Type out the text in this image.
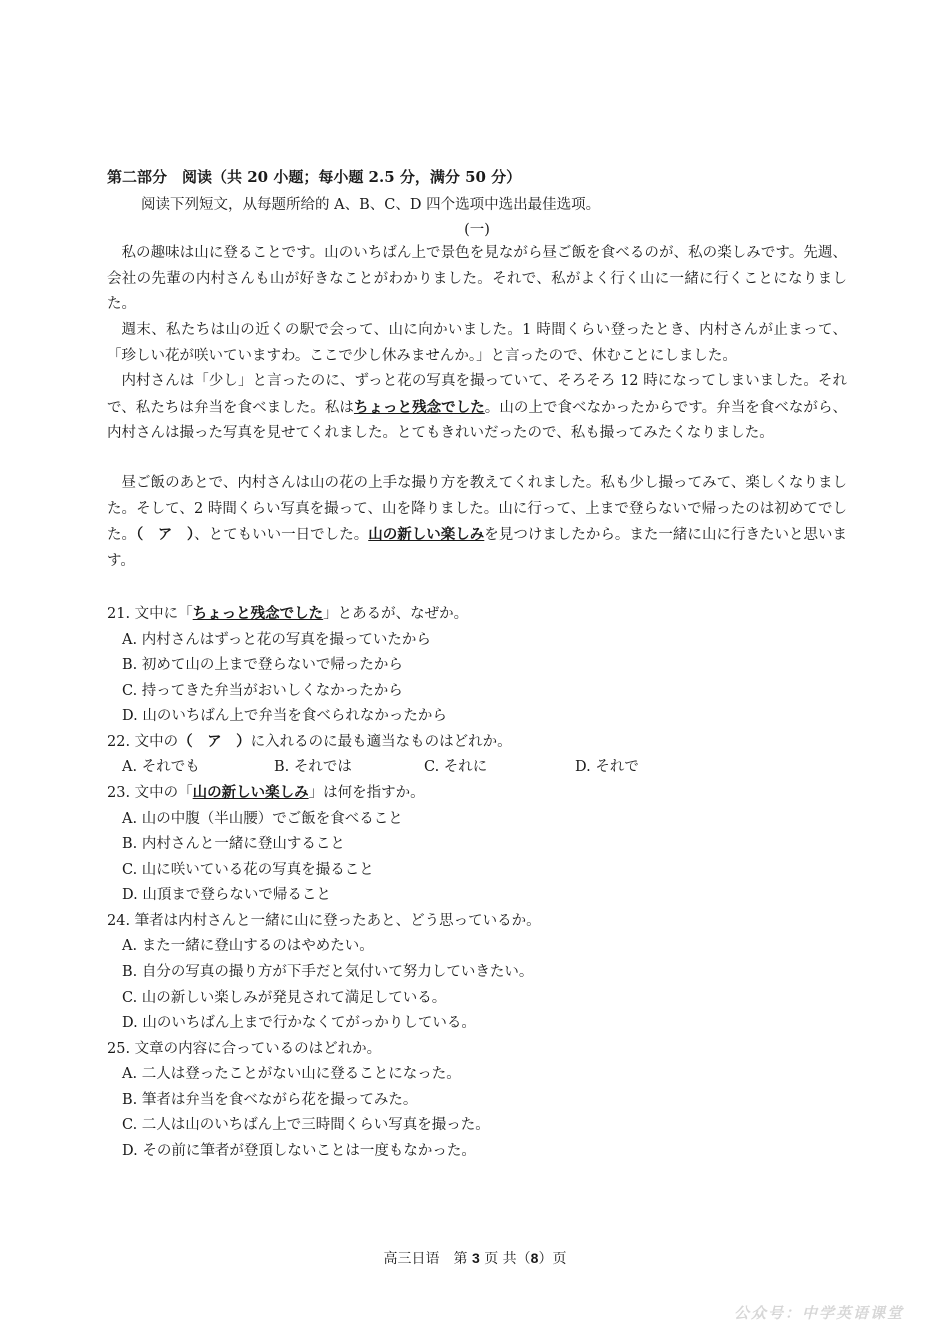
第二部分　阅读（共 20 小题；每小题 2.5 分，满分 50 分）
阅读下列短文，从每题所给的 A、B、C、D 四个选项中选出最佳选项。
(一)

私の趣味は山に登ることです。山のいちばん上で景色を見ながら昼ご飯を食べるのが、私の楽しみです。先週、会社の先輩の内村さんも山が好きなことがわかりました。それで、私がよく行く山に一緒に行くことになりました。

週末、私たちは山の近くの駅で会って、山に向かいました。1 時間くらい登ったとき、内村さんが止まって、「珍しい花が咲いていますわ。ここで少し休みませんか。」と言ったので、休むことにしました。

内村さんは「少し」と言ったのに、ずっと花の写真を撮っていて、そろそろ 12 時になってしまいました。それで、私たちは弁当を食べました。私はちょっと残念でした。山の上で食べなかったからです。弁当を食べながら、内村さんは撮った写真を見せてくれました。とてもきれいだったので、私も撮ってみたくなりました。

昼ご飯のあとで、内村さんは山の花の上手な撮り方を教えてくれました。私も少し撮ってみて、楽しくなりました。そして、2 時間くらい写真を撮って、山を降りました。山に行って、上まで登らないで帰ったのは初めてでした。（　ア　）、とてもいい一日でした。山の新しい楽しみを見つけましたから。また一緒に山に行きたいと思います。

21. 文中に「ちょっと残念でした」とあるが、なぜか。
A. 内村さんはずっと花の写真を撮っていたから
B. 初めて山の上まで登らないで帰ったから
C. 持ってきた弁当がおいしくなかったから
D. 山のいちばん上で弁当を食べられなかったから
22. 文中の（　ア　）に入れるのに最も適当なものはどれか。
A. それでも	B. それでは	C. それに	D. それで
23. 文中の「山の新しい楽しみ」は何を指すか。
A. 山の中腹（半山腰）でご飯を食べること
B. 内村さんと一緒に登山すること
C. 山に咲いている花の写真を撮ること
D. 山頂まで登らないで帰ること
24. 筆者は内村さんと一緒に山に登ったあと、どう思っているか。
A. また一緒に登山するのはやめたい。
B. 自分の写真の撮り方が下手だと気付いて努力していきたい。
C. 山の新しい楽しみが発見されて満足している。
D. 山のいちばん上まで行かなくてがっかりしている。
25. 文章の内容に合っているのはどれか。
A. 二人は登ったことがない山に登ることになった。
B. 筆者は弁当を食べながら花を撮ってみた。
C. 二人は山のいちばん上で三時間くらい写真を撮った。
D. その前に筆者が登頂しないことは一度もなかった。
高三日语　第 3 页 共（8）页
公众号：中学英语课堂
